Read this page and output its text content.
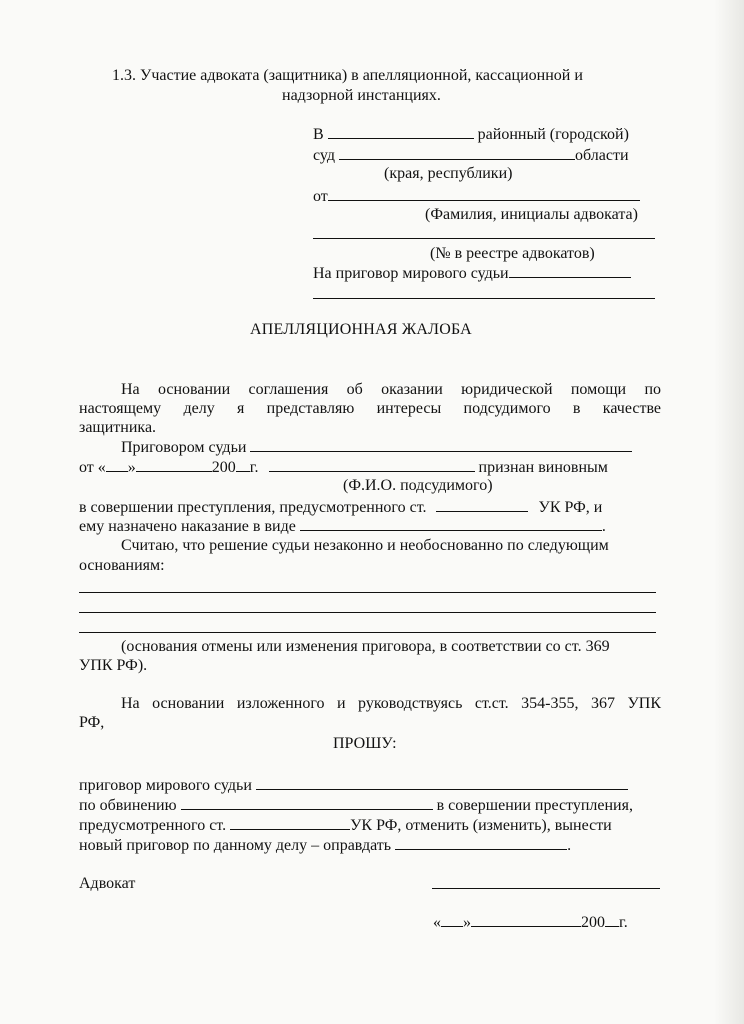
1.3. Участие адвоката (защитника) в апелляционной, кассационной и
надзорной инстанциях.
В	районный (городской)
суд	области
(края, республики)
от
(Фамилия, инициалы адвоката)
(№ в реестре адвокатов)
На приговор мирового судьи
АПЕЛЛЯЦИОННАЯ ЖАЛОБА
На основании соглашения об оказании юридической помощи по
настоящему делу я представляю интересы подсудимого в качестве
защитника.
Приговором судьи
от « »	200 г.	признан виновным
(Ф.И.О. подсудимого)
в совершении преступления, предусмотренного ст.	УК РФ, и
ему назначено наказание в виде	.
Считаю, что решение судьи незаконно и необоснованно по следующим
основаниям:
(основания отмены или изменения приговора, в соответствии со ст. 369
УПК РФ).
На основании изложенного и руководствуясь ст.ст. 354-355, 367 УПК
РФ,
ПРОШУ:
приговор мирового судьи
по обвинению	в совершении преступления,
предусмотренного ст.	УК РФ, отменить (изменить), вынести
новый приговор по данному делу – оправдать	.
Адвокат
« »	200 г.
